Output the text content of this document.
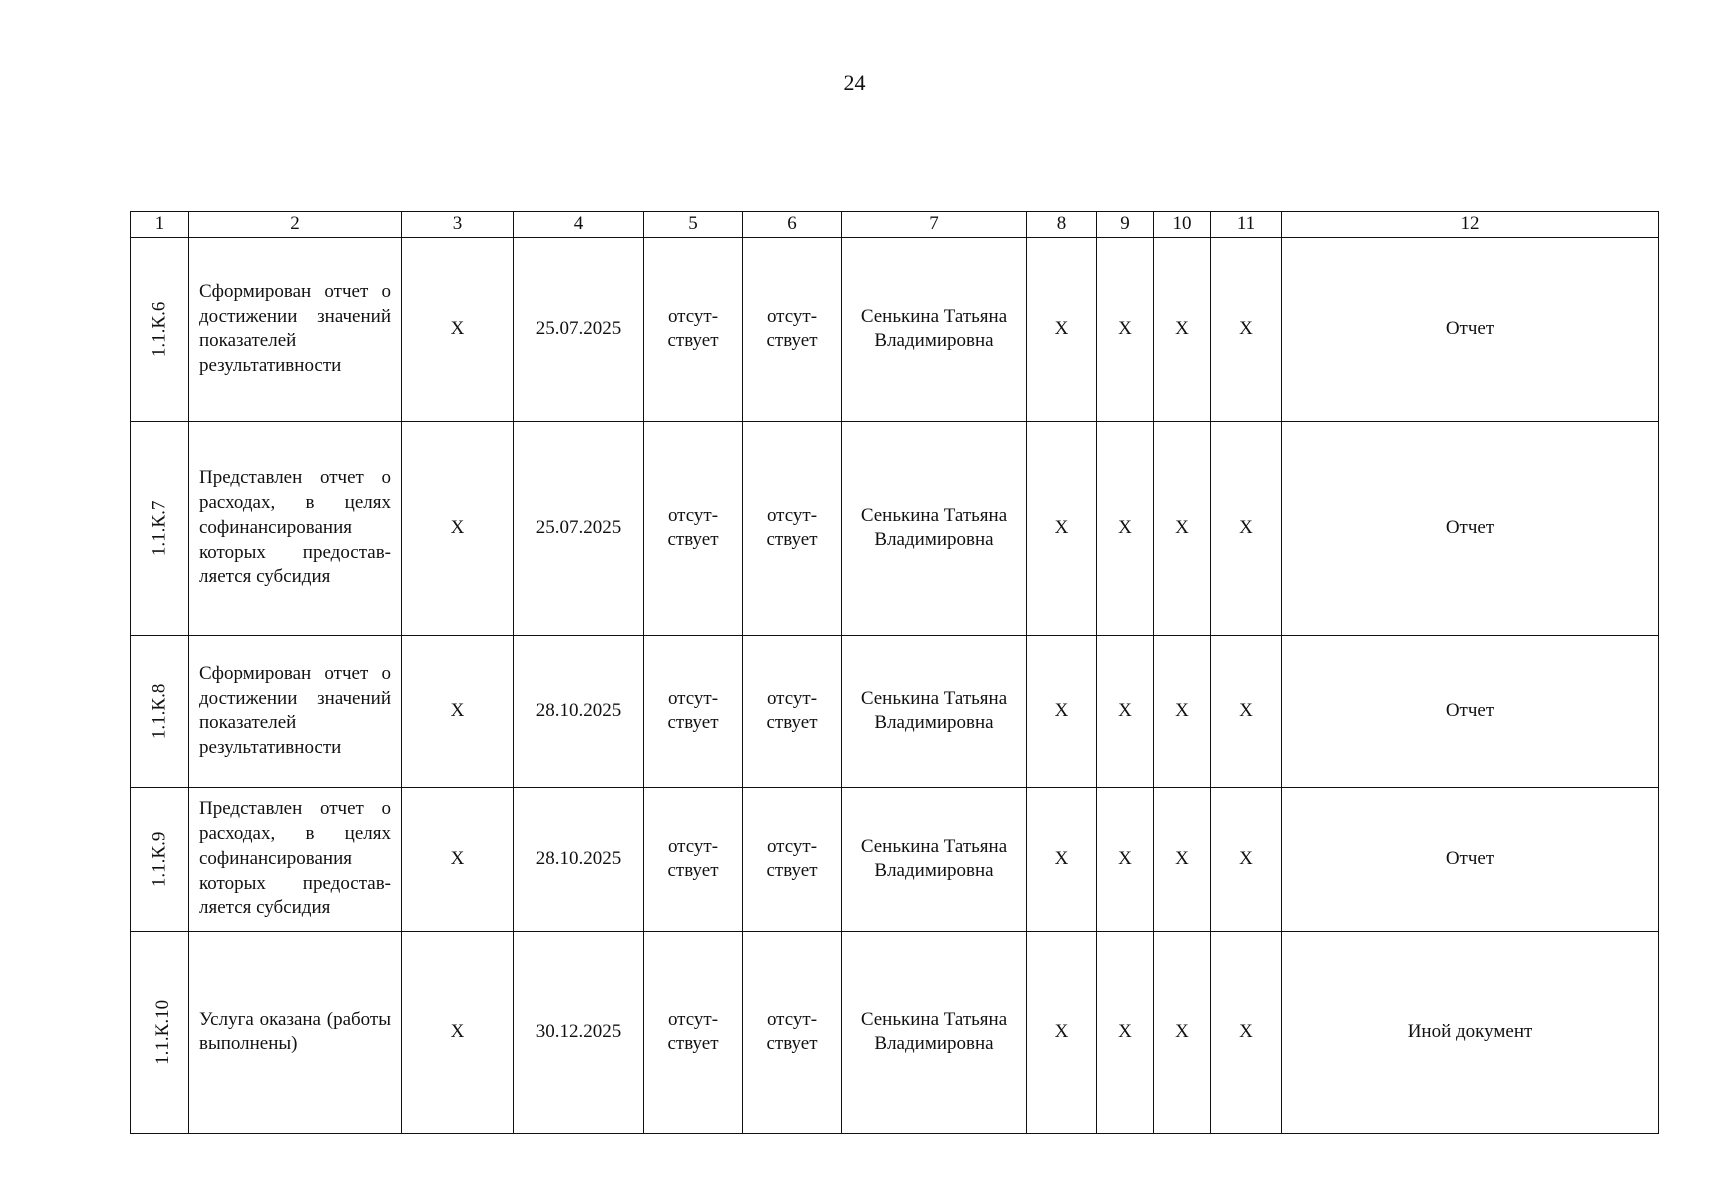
24
1	2	3	4	5	6	7	8	9	10	11	12
1.1.К.6	Сформирован отчет о достижении значений показателей результативности	X	25.07.2025	отсутствует	отсутствует	Сенькина Татьяна Владимировна	X	X	X	X	Отчет
1.1.К.7	Представлен отчет о расходах, в целях софинансирования которых предоставляется субсидия	X	25.07.2025	отсутствует	отсутствует	Сенькина Татьяна Владимировна	X	X	X	X	Отчет
1.1.К.8	Сформирован отчет о достижении значений показателей результативности	X	28.10.2025	отсутствует	отсутствует	Сенькина Татьяна Владимировна	X	X	X	X	Отчет
1.1.К.9	Представлен отчет о расходах, в целях софинансирования которых предоставляется субсидия	X	28.10.2025	отсутствует	отсутствует	Сенькина Татьяна Владимировна	X	X	X	X	Отчет
1.1.К.10	Услуга оказана (работы выполнены)	X	30.12.2025	отсутствует	отсутствует	Сенькина Татьяна Владимировна	X	X	X	X	Иной документ
